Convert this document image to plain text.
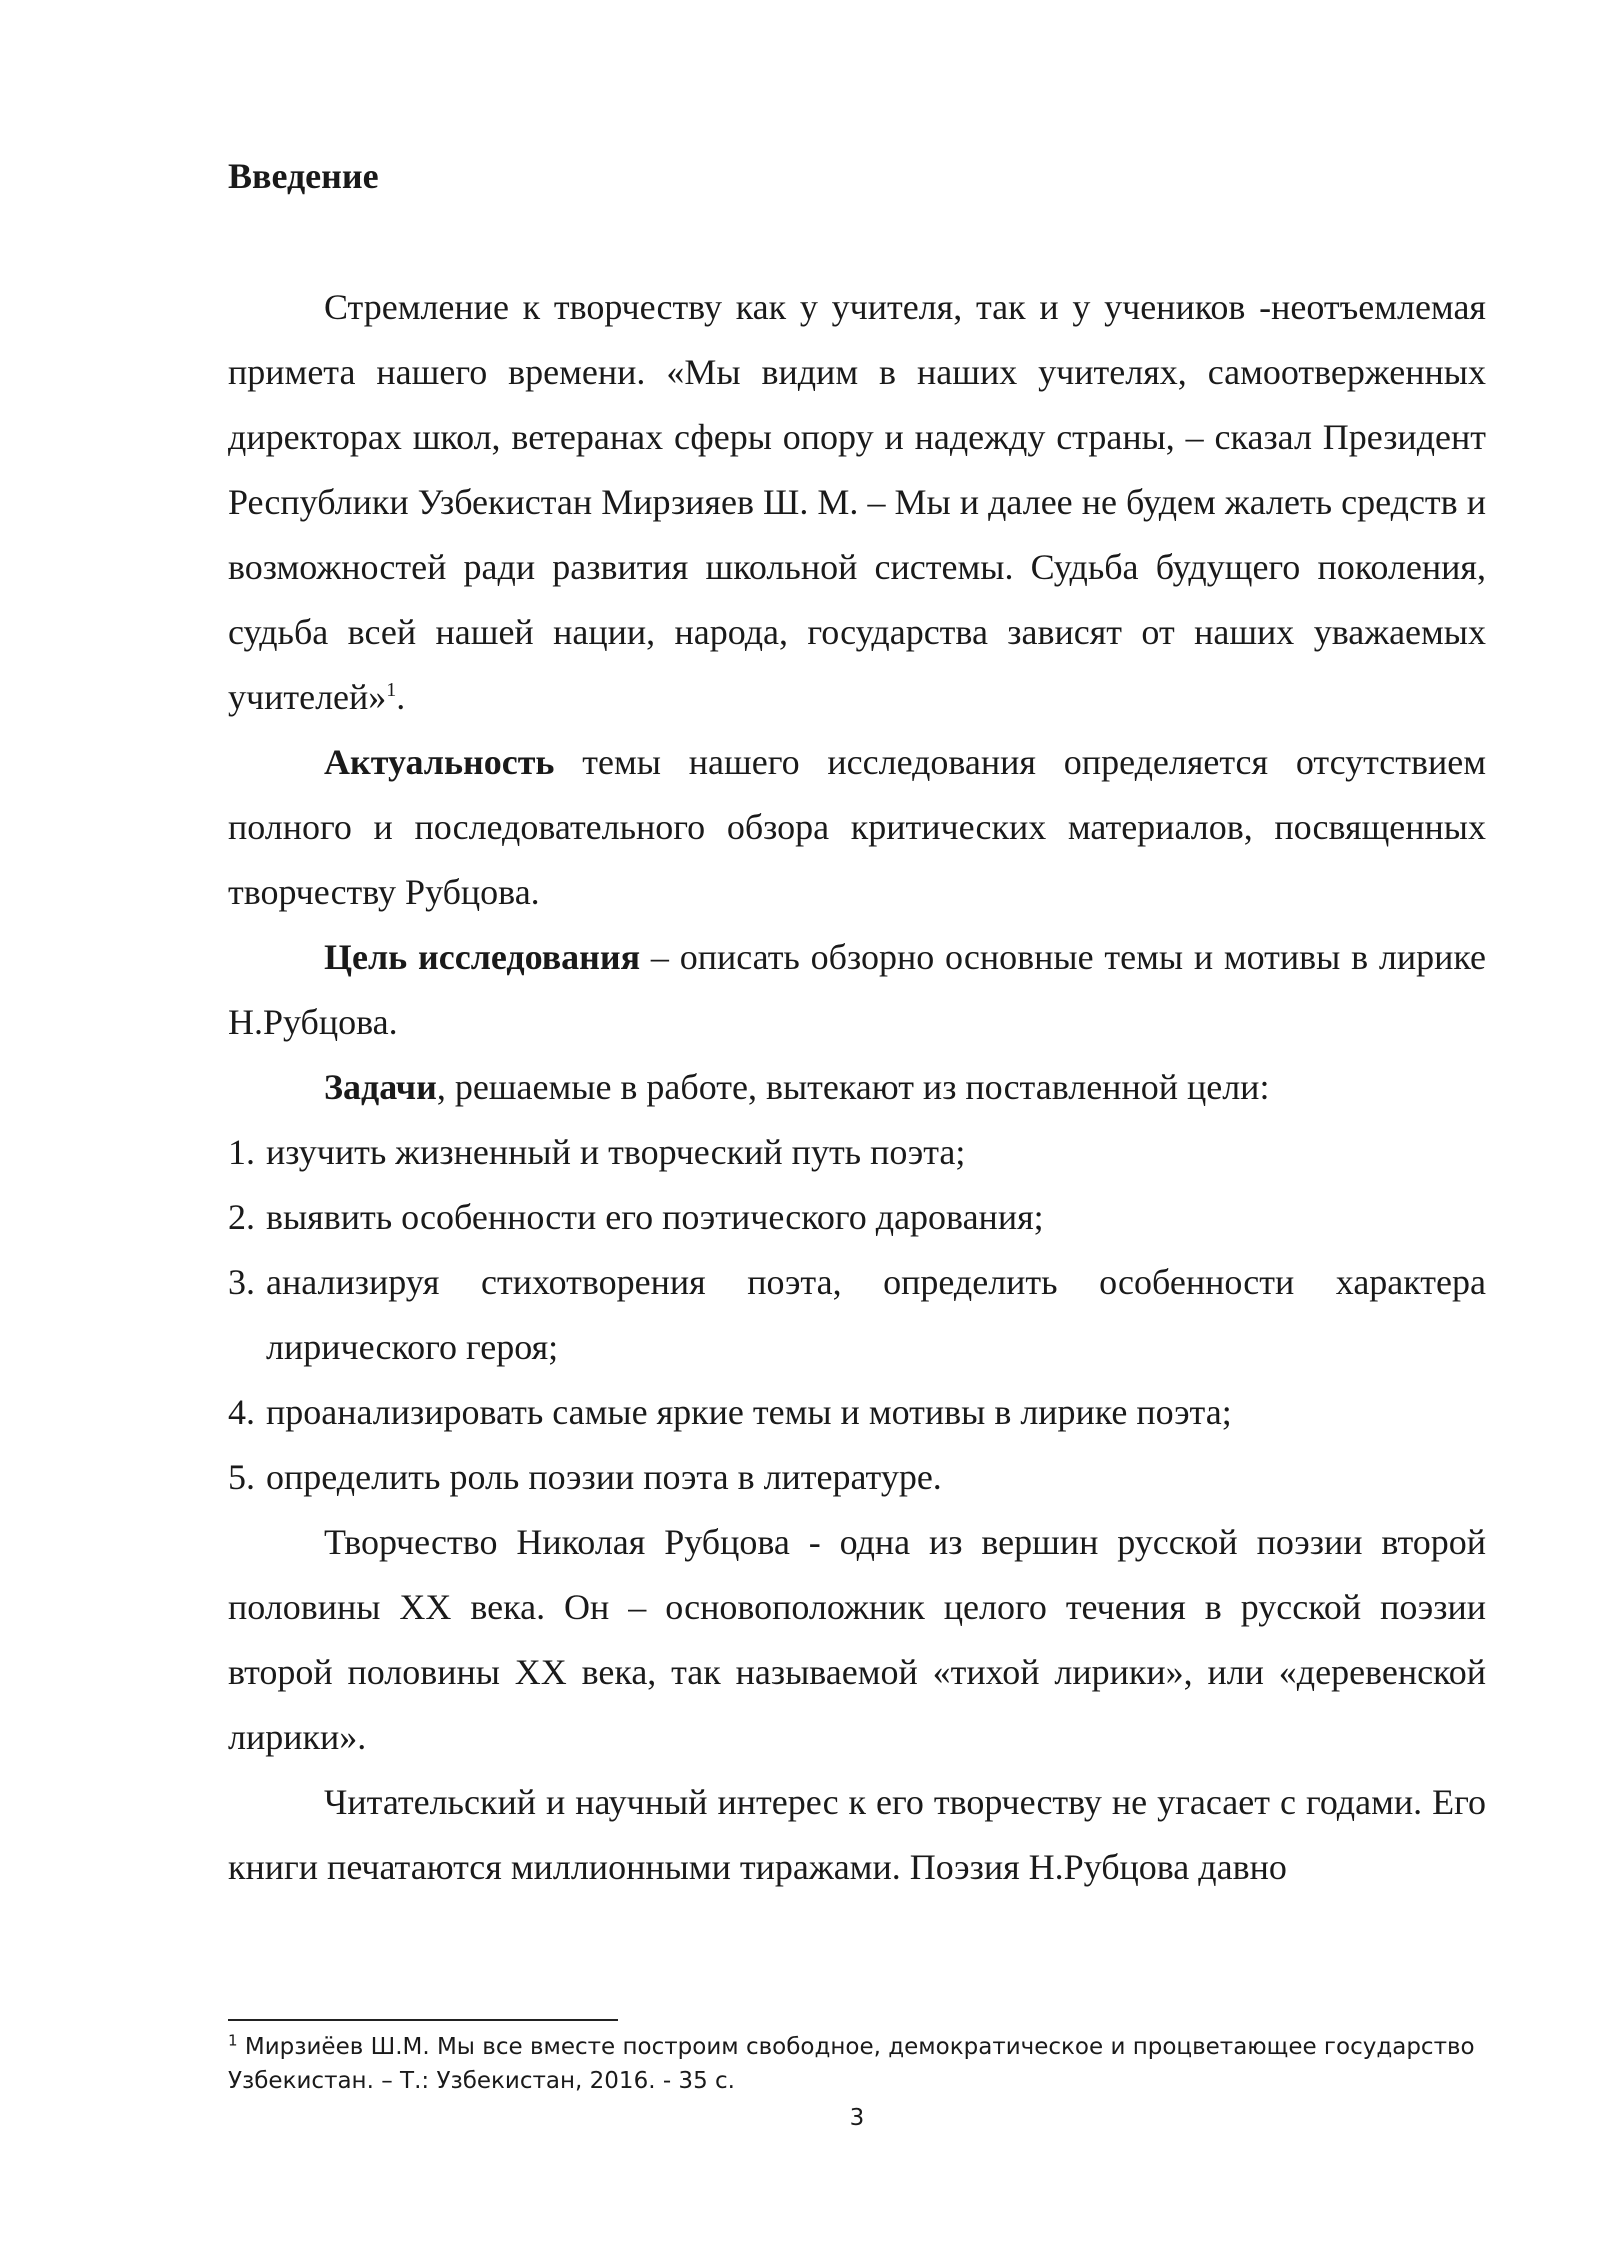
Введение

Стремление к творчеству как у учителя, так и у учеников -неотъемлемая примета нашего времени. «Мы видим в наших учителях, самоотверженных директорах школ, ветеранах сферы опору и надежду страны, – сказал Президент Республики Узбекистан Мирзияев Ш. М. – Мы и далее не будем жалеть средств и возможностей ради развития школьной системы. Судьба будущего поколения, судьба всей нашей нации, народа, государства зависят от наших уважаемых учителей»$^1$.

Актуальность темы нашего исследования определяется отсутствием полного и последовательного обзора критических материалов, посвященных творчеству Рубцова.

Цель исследования – описать обзорно основные темы и мотивы в лирике Н.Рубцова.

Задачи, решаемые в работе, вытекают из поставленной цели:

1. изучить жизненный и творческий путь поэта;
2. выявить особенности его поэтического дарования;
3. анализируя стихотворения поэта, определить особенности характера лирического героя;
4. проанализировать самые яркие темы и мотивы в лирике поэта;
5. определить роль поэзии поэта в литературе.

Творчество Николая Рубцова - одна из вершин русской поэзии второй половины XX века. Он – основоположник целого течения в русской поэзии второй половины XX века, так называемой «тихой лирики», или «деревенской лирики».

Читательский и научный интерес к его творчеству не угасает с годами. Его книги печатаются миллионными тиражами. Поэзия Н.Рубцова давно

$^1$ Мирзиёев Ш.М. Мы все вместе построим свободное, демократическое и процветающее государство Узбекистан. – Т.: Узбекистан, 2016. - 35 с.
3
